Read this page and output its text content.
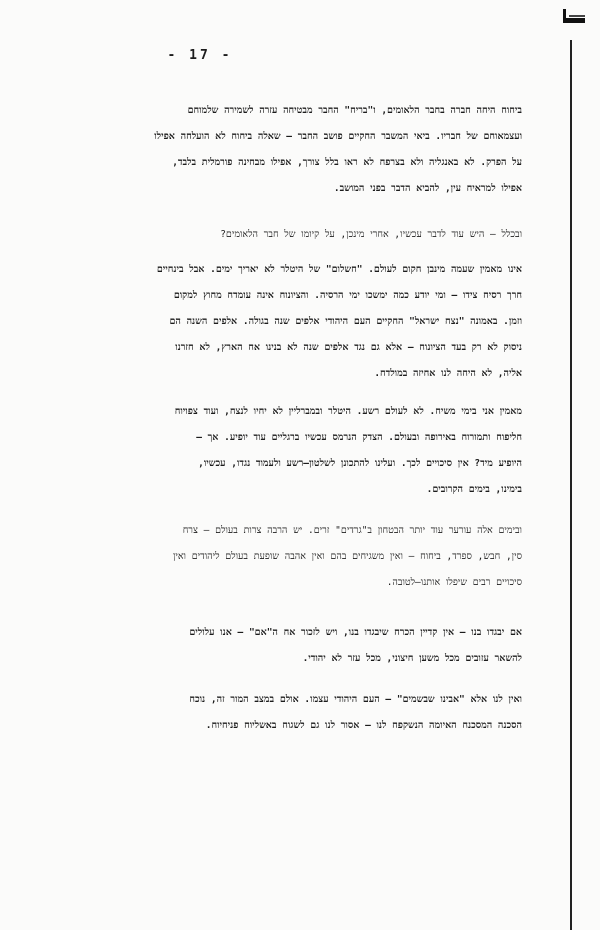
- 17 -
ביחוח היחה חברה בחבר הלאומים, ו"בריח" החבר מבטיחה עזרה לשמירה שלמוחם
ועצמאוחם של חבריו. ביאי המשבר החקיים פושב החבר – שאלה ביחוח לא הועלחה אפילו
על הפרק. לא באנגליה ולא בצרפח לא ראו בלל צורך, אפילו מבחינה פורמלית בלבד,
אפילו למראיח עין, להביא הדבר בפני המושב.
ובכלל – היש עוד לדבר עכשיו, אחרי מינכן, על קיומו של חבר הלאומים?
אינו מאמין שעמה מינבן חקום לעולם. "חשלום" של היטלר לא יאריך ימים. אבל בינחיים
חרך רסיח צידו – ומי יודע כמה ימשכו ימי הרסיה. והציונוח אינה עומדח מחוץ למקום
וזמן. באמונה "נצח ישראל" החקיים העם היהודי אלפים שנה בגולה. אלפים השנה הם
ניסוק לא רק בעד הציונוח – אלא גם נגד אלפים שנה לא בנינו אח הארץ, לא חזרנו
אליה, לא היחה לנו אחיזה במולדח.
מאמין אני בימי משיח. לא לעולם רשע. היטלר ובמברליין לא יחיו לנצח, ועוד צפויוח
חליפוח ותמורוח באירופה ובעולם. הצדק הנרמס עכשיו ברגליים עוד יופיע. אך –
היופיע מיד? אין סיכויים לכך. ועלינו להתכונן לשלטון–רשע ולעמוד נגדו, עכשיו,
בימינו, בימים הקרובים.
ובימים אלה עורער עוד יותר הבטחון ב"גרדים" זרים. יש הרבה צרות בעולם – צרח
סין, חבש, ספרד, ביחוח – ואין משגיחים בהם ואין אהבה שופעת בעולם ליהודים ואין
סיכויים רבים שיפלו אותנו–לטובה.
אם יבגדו בנו – אין קדיין הכרח שיבגדו בנו, ויש לזכור אח ה"אם" – אנו עלולים
להשאר עזובים מכל משען חיצוני, מכל עזר לא יהודי.
ואין לנו אלא "אבינו שבשמים" – העם היהודי עצמו. אולם במצב המור זה, נוכח
הסכנה המסכנח האיומה הנשקפח לנו – אסור לנו גם לשגוח באשליוח פניחיוח.
